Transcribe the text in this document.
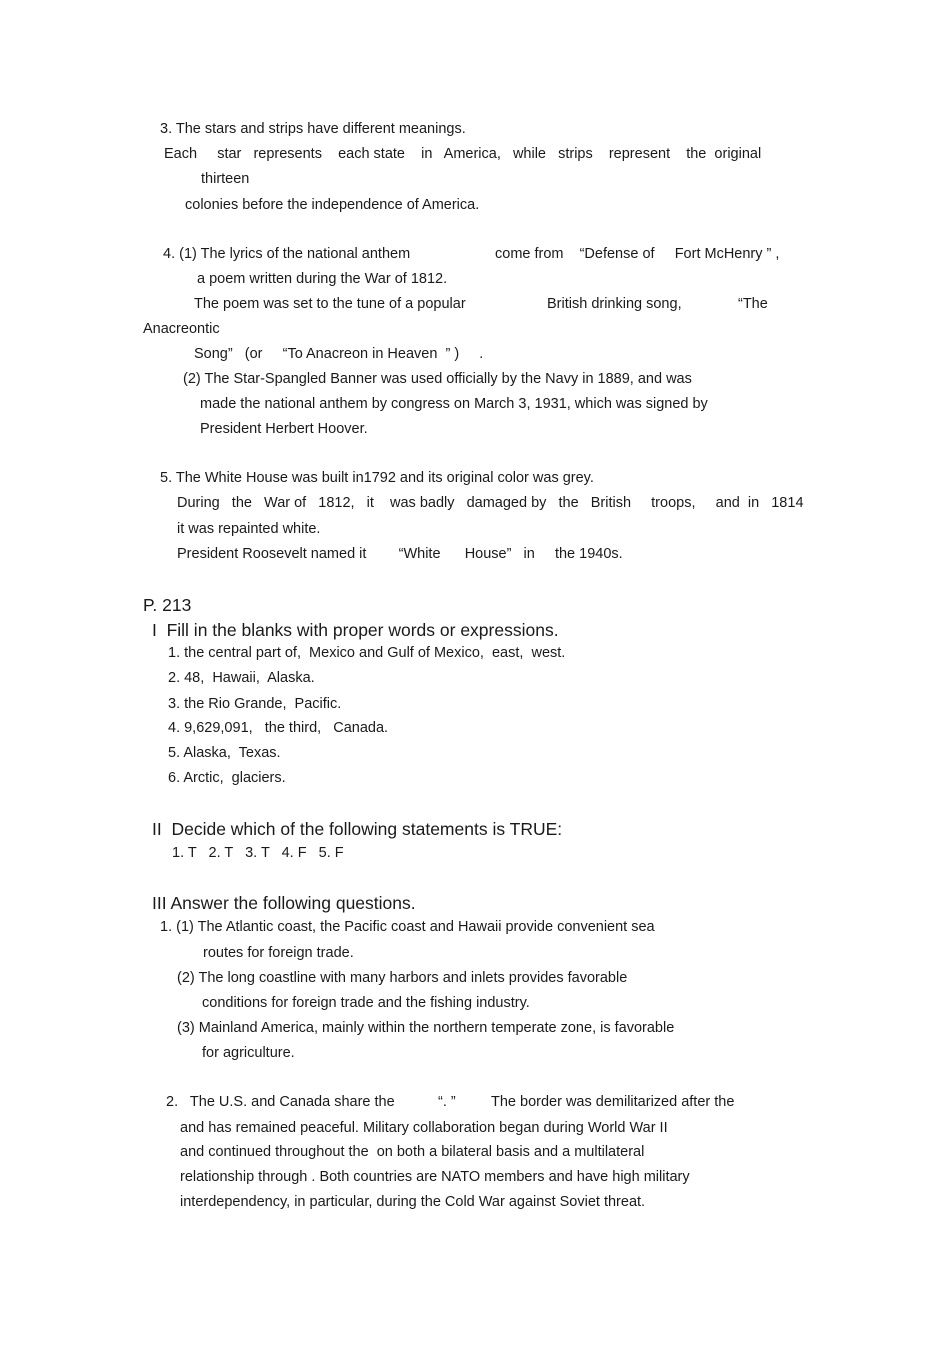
3. The stars and strips have different meanings.
Each     star   represents    each state    in   America,   while   strips    represent    the  original
thirteen
colonies before the independence of America.
4. (1) The lyrics of the national anthem	come from    “Defense of     Fort McHenry ” ,
a poem written during the War of 1812.
The poem was set to the tune of a popular	British drinking song,	“The
Anacreontic
Song”   (or     “To Anacreon in Heaven  ” )     .
(2) The Star-Spangled Banner was used officially by the Navy in 1889, and was
made the national anthem by congress on March 3, 1931, which was signed by
President Herbert Hoover.
5. The White House was built in1792 and its original color was grey.
During   the   War of   1812,   it    was badly   damaged by   the   British     troops,     and  in   1814
it was repainted white.
President Roosevelt named it        “White      House”   in     the 1940s.
P. 213
I  Fill in the blanks with proper words or expressions.
1. the central part of,  Mexico and Gulf of Mexico,  east,  west.
2. 48,  Hawaii,  Alaska.
3. the Rio Grande,  Pacific.
4. 9,629,091,   the third,   Canada.
5. Alaska,  Texas.
6. Arctic,  glaciers.
II  Decide which of the following statements is TRUE:
1. T   2. T   3. T   4. F   5. F
III Answer the following questions.
1. (1) The Atlantic coast, the Pacific coast and Hawaii provide convenient sea
routes for foreign trade.
(2) The long coastline with many harbors and inlets provides favorable
conditions for foreign trade and the fishing industry.
(3) Mainland America, mainly within the northern temperate zone, is favorable
for agriculture.
2.   The U.S. and Canada share the	“. ” The border was demilitarized after the
and has remained peaceful. Military collaboration began during World War II
and continued throughout the  on both a bilateral basis and a multilateral
relationship through . Both countries are NATO members and have high military
interdependency, in particular, during the Cold War against Soviet threat.
